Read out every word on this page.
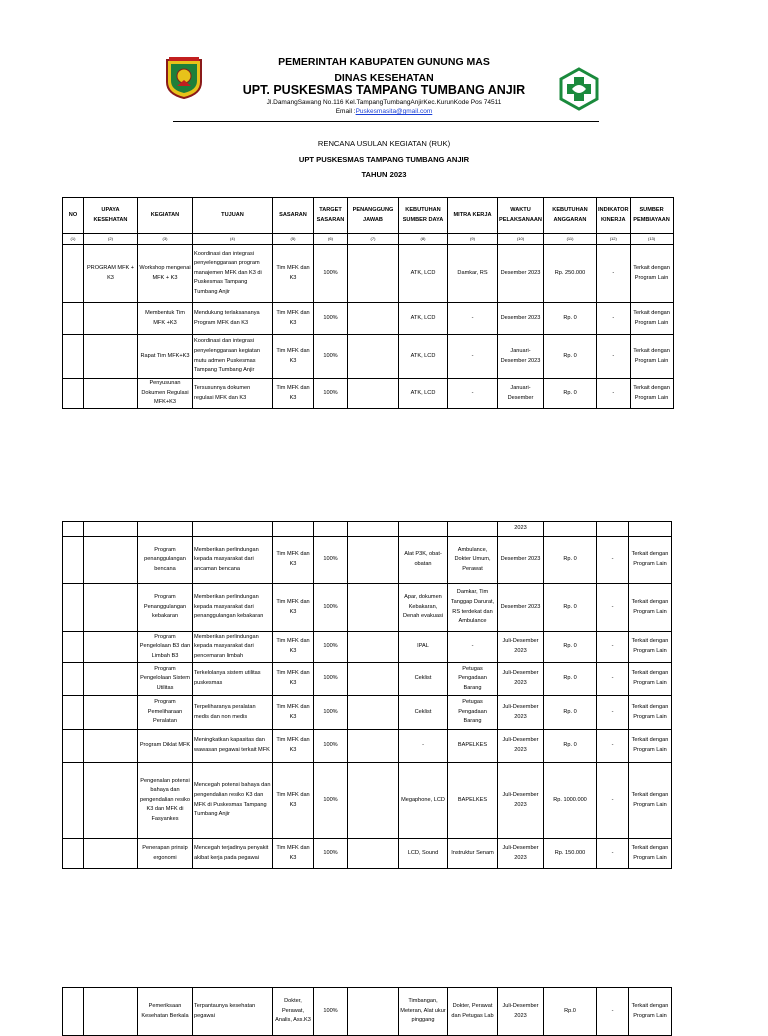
PEMERINTAH KABUPATEN GUNUNG MAS
DINAS KESEHATAN
UPT. PUSKESMAS TAMPANG TUMBANG ANJIR
Jl.DamangSawang No.116 Kel.TampangTumbangAnjirKec.KurunKode Pos 74511
Email :Puskesmasita@gmail.com
RENCANA USULAN KEGIATAN (RUK)
UPT PUSKESMAS TAMPANG TUMBANG ANJIR
TAHUN 2023
NO	UPAYA KESEHATAN	KEGIATAN	TUJUAN	SASARAN	TARGET SASARAN	PENANGGUNG JAWAB	KEBUTUHAN SUMBER DAYA	MITRA KERJA	WAKTU PELAKSANAAN	KEBUTUHAN ANGGARAN	INDIKATOR KINERJA	SUMBER PEMBIAYAAN
(1)	(2)	(3)	(4)	(5)	(6)	(7)	(8)	(9)	(10)	(11)	(12)	(13)
	PROGRAM MFK + K3	Workshop mengenai MFK + K3	Koordinasi dan integrasi penyelenggaraan program manajemen MFK dan K3 di Puskesmas Tampang Tumbang Anjir	Tim MFK dan K3	100%		ATK, LCD	Damkar, RS	Desember 2023	Rp. 250.000	-	Terkait dengan Program Lain
		Membentuk Tim MFK +K3	Mendukung terlaksananya Program MFK dan K3	Tim MFK dan K3	100%		ATK, LCD	-	Desember 2023	Rp. 0	-	Terkait dengan Program Lain
		Rapat Tim MFK+K3	Koordinasi dan integrasi penyelenggaraan kegiatan mutu admen Puskesmas Tampang Tumbang Anjir	Tim MFK dan K3	100%		ATK, LCD	-	Januari-Desember 2023	Rp. 0	-	Terkait dengan Program Lain
		Penyusunan Dokumen Regulasi MFK+K3	Tersusunnya dokumen regulasi MFK dan K3	Tim MFK dan K3	100%		ATK, LCD	-	Januari-Desember	Rp. 0	-	Terkait dengan Program Lain
									2023			
		Program penanggulangan bencana	Memberikan perlindungan kepada masyarakat dari ancaman bencana	Tim MFK dan K3	100%		Alat P3K, obat-obatan	Ambulance, Dokter Umum, Perawat	Desember 2023	Rp. 0	-	Terkait dengan Program Lain
		Program Penanggulangan kebakaran	Memberikan perlindungan kepada masyarakat dari penanggulangan kebakaran	Tim MFK dan K3	100%		Apar, dokumen Kebakaran, Denah evakuasi	Damkar, Tim Tanggap Darurat, RS terdekat dan Ambulance	Desember 2023	Rp. 0	-	Terkait dengan Program Lain
		Program Pengelolaan B3 dan Limbah B3	Memberikan perlindungan kepada masyarakat dari pencemaran limbah	Tim MFK dan K3	100%		IPAL	-	Juli-Desember 2023	Rp. 0	-	Terkait dengan Program Lain
		Program Pengelolaan Sistem Utilitas	Terkelolanya sistem utilitas puskesmas	Tim MFK dan K3	100%		Ceklist	Petugas Pengadaan Barang	Juli-Desember 2023	Rp. 0	-	Terkait dengan Program Lain
		Program Pemeliharaan Peralatan	Terpeliharanya peralatan medis dan non medis	Tim MFK dan K3	100%		Ceklist	Petugas Pengadaan Barang	Juli-Desember 2023	Rp. 0	-	Terkait dengan Program Lain
		Program Diklat MFK	Meningkatkan kapasitas dan wawasan pegawai terkait MFK	Tim MFK dan K3	100%		-	BAPELKES	Juli-Desember 2023	Rp. 0	-	Terkait dengan Program Lain
		Pengenalan potensi bahaya dan pengendalian resiko K3 dan MFK di Fasyankes	Mencegah potensi bahaya dan pengendalian resiko K3 dan MFK di Puskesmas Tampang Tumbang Anjir	Tim MFK dan K3	100%		Megaphone, LCD	BAPELKES	Juli-Desember 2023	Rp. 1000.000	-	Terkait dengan Program Lain
		Penerapan prinsip ergonomi	Mencegah terjadinya penyakit akibat kerja pada pegawai	Tim MFK dan K3	100%		LCD, Sound	Instruktur Senam	Juli-Desember 2023	Rp. 150.000	-	Terkait dengan Program Lain
		Pemeriksaan Kesehatan Berkala	Terpantaunya kesehatan pegawai	Dokter, Perawat, Analis, Ass.K3	100%		Timbangan, Meteran, Alat ukur pinggang	Dokter, Perawat dan Petugas Lab	Juli-Desember 2023	Rp.0	-	Terkait dengan Program Lain
